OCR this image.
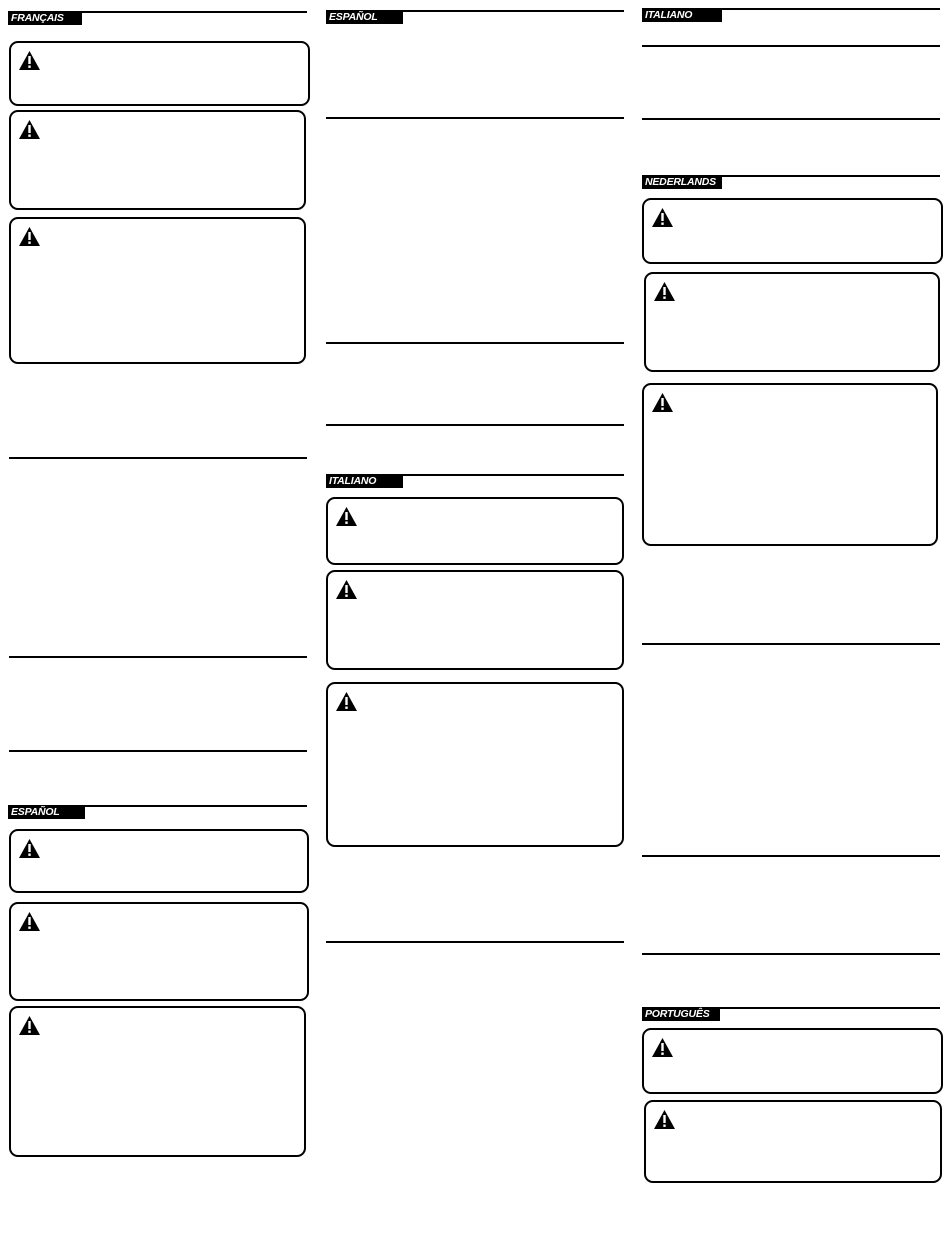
FRANÇAIS
ESPAÑOL
ESPAÑOL
ITALIANO
ITALIANO
NEDERLANDS
PORTUGUÊS
